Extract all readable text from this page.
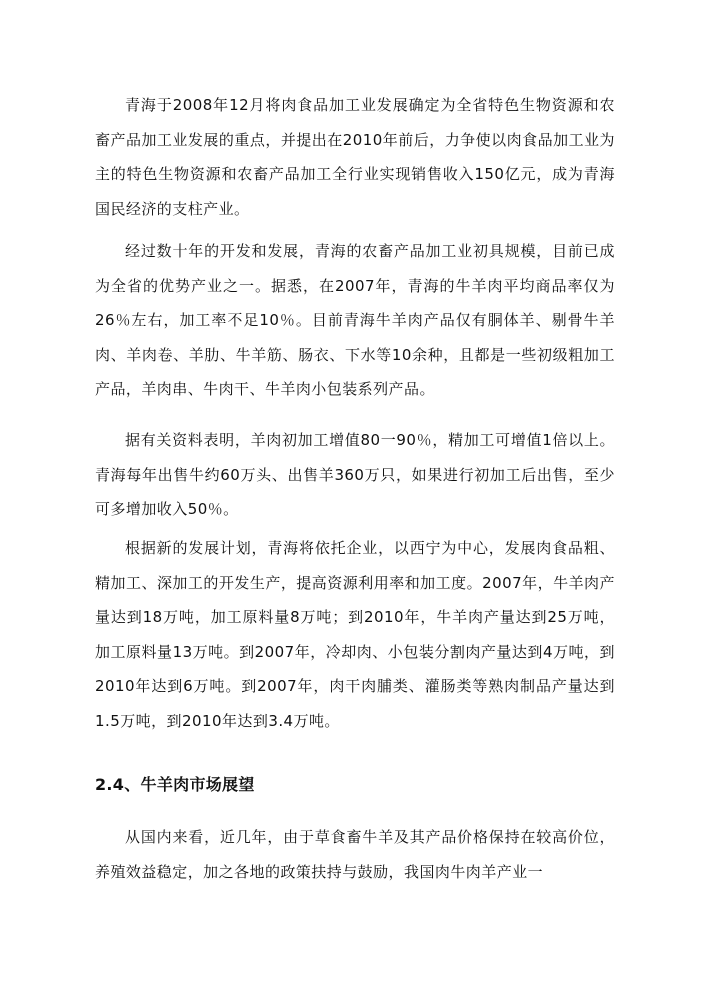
青海于2008年12月将肉食品加工业发展确定为全省特色生物资源和农畜产品加工业发展的重点，并提出在2010年前后，力争使以肉食品加工业为主的特色生物资源和农畜产品加工全行业实现销售收入150亿元，成为青海国民经济的支柱产业。

经过数十年的开发和发展，青海的农畜产品加工业初具规模，目前已成为全省的优势产业之一。据悉，在2007年，青海的牛羊肉平均商品率仅为26％左右，加工率不足10％。目前青海牛羊肉产品仅有胴体羊、剔骨牛羊肉、羊肉卷、羊肋、牛羊筋、肠衣、下水等10余种，且都是一些初级粗加工产品，羊肉串、牛肉干、牛羊肉小包装系列产品。

据有关资料表明，羊肉初加工增值80一90％，精加工可增值1倍以上。青海每年出售牛约60万头、出售羊360万只，如果进行初加工后出售，至少可多增加收入50％。

根据新的发展计划，青海将依托企业，以西宁为中心，发展肉食品粗、精加工、深加工的开发生产，提高资源利用率和加工度。2007年，牛羊肉产量达到18万吨，加工原料量8万吨；到2010年，牛羊肉产量达到25万吨，加工原料量13万吨。到2007年，冷却肉、小包装分割肉产量达到4万吨，到2010年达到6万吨。到2007年，肉干肉脯类、灌肠类等熟肉制品产量达到1.5万吨，到2010年达到3.4万吨。

2.4、牛羊肉市场展望

从国内来看，近几年，由于草食畜牛羊及其产品价格保持在较高价位，养殖效益稳定，加之各地的政策扶持与鼓励，我国肉牛肉羊产业一
